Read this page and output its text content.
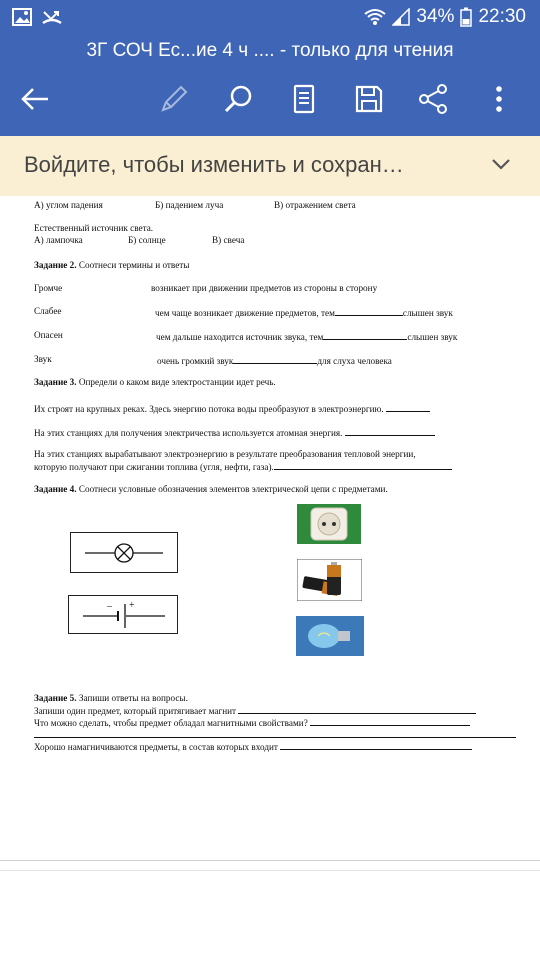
34% 22:30
3Г СОЧ Ес...ие 4 ч .... - только для чтения
Войдите, чтобы изменить и сохран…
А) углом падения	Б) падением луча	В) отражением света
Естественный источник света.
А) лампочка	Б) солнце	В) свеча
Задание 2. Соотнеси термины и ответы
Громче	возникает при движении предметов из стороны в сторону
Слабее	чем чаще возникает движение предметов, тем	слышен звук
Опасен	чем дальше находится источник звука, тем	слышен звук
Звук	очень громкий звук	для слуха человека
Задание 3. Определи о каком виде электростанции идет речь.
Их строят на крупных реках. Здесь энергию потока воды преобразуют в электроэнергию.
На этих станциях для получения электричества используется атомная энергия.
На этих станциях вырабатывают электроэнергию в результате преобразования тепловой энергии,
которую получают при сжигании топлива (угля, нефти, газа).
Задание 4. Соотнеси условные обозначения элементов электрической цепи с предметами.
– +
Задание 5. Запиши ответы на вопросы.
Запиши один предмет, который притягивает магнит
Что можно сделать, чтобы предмет обладал магнитными свойствами?
Хорошо намагничиваются предметы, в состав которых входит
